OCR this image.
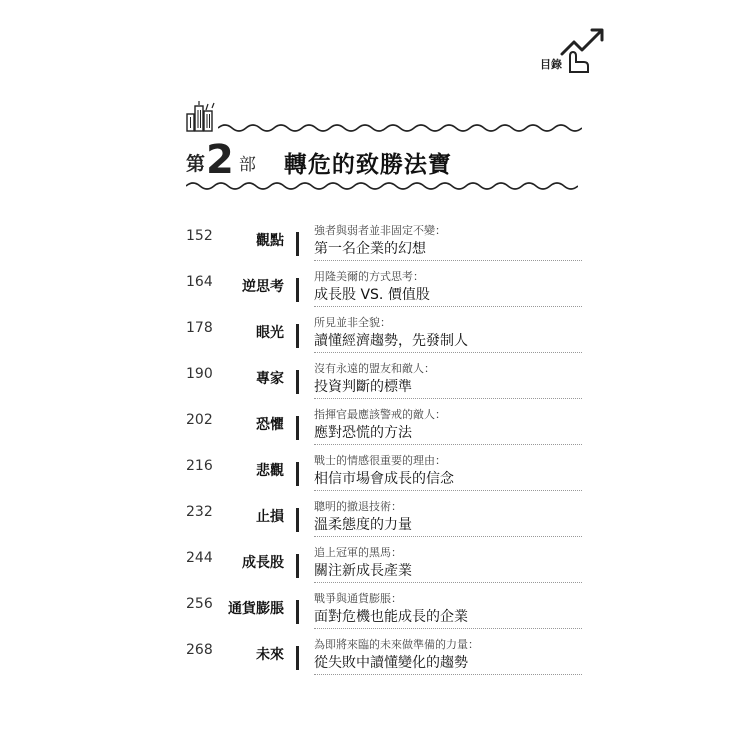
目錄
第 2 部 轉危的致勝法寶
152	觀點
強者與弱者並非固定不變：
第一名企業的幻想
164 逆思考
用隆美爾的方式思考：
成長股 VS. 價值股
178	眼光
所見並非全貌：
讀懂經濟趨勢，先發制人
190	專家
沒有永遠的盟友和敵人：
投資判斷的標準
202	恐懼
指揮官最應該警戒的敵人：
應對恐慌的方法
216	悲觀
戰士的情感很重要的理由：
相信市場會成長的信念
232	止損
聰明的撤退技術：
溫柔態度的力量
244 成長股
追上冠軍的黑馬：
關注新成長產業
256 通貨膨脹
戰爭與通貨膨脹：
面對危機也能成長的企業
268	未來
為即將來臨的未來做準備的力量：
從失敗中讀懂變化的趨勢
